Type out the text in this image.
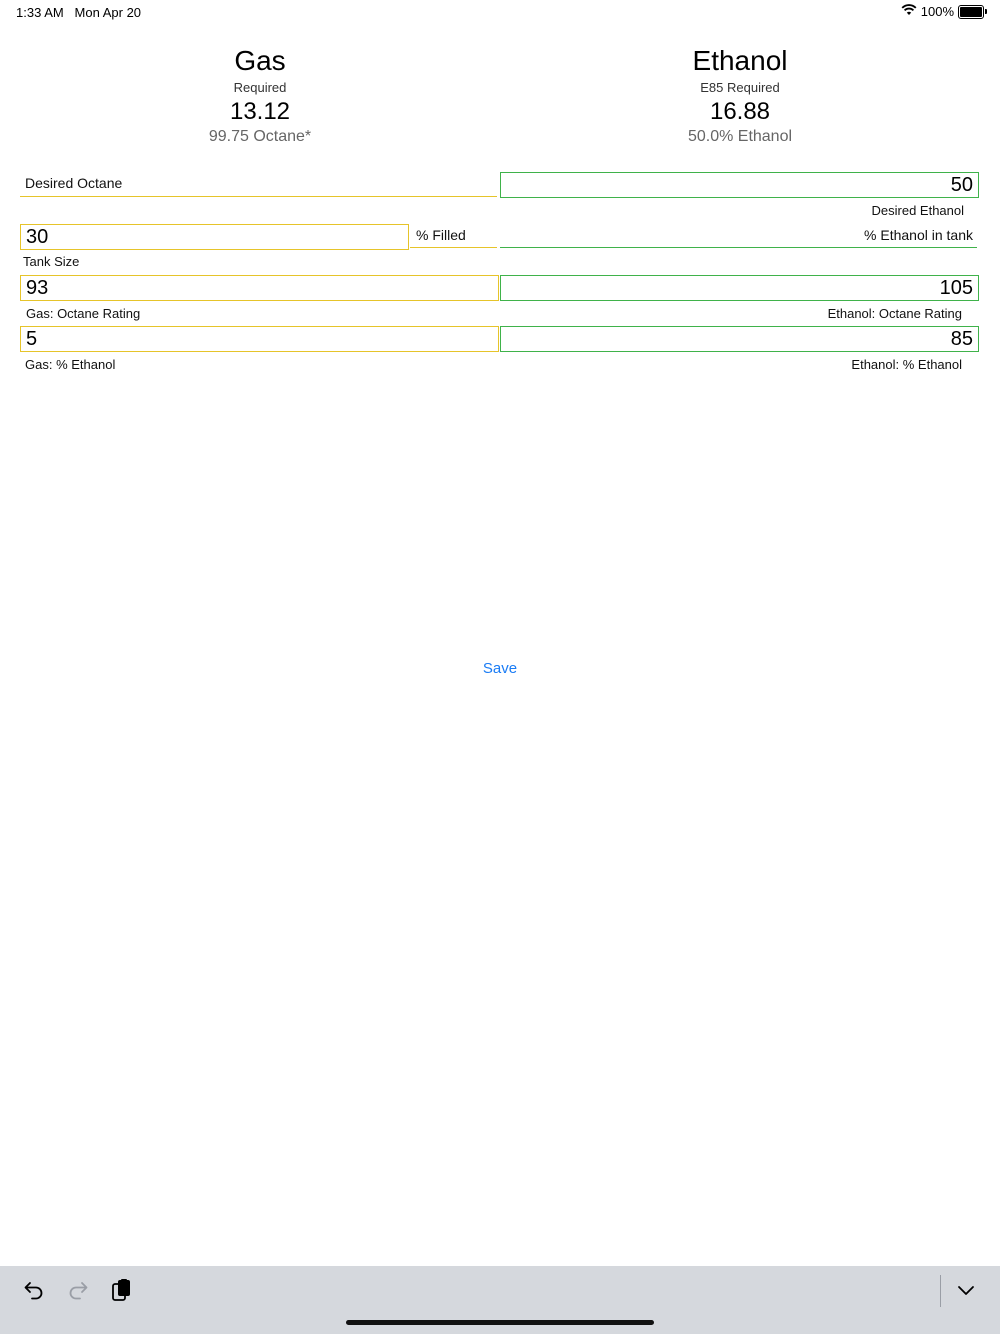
1:33 AM Mon Apr 20	100%
Gas
Required
13.12
99.75 Octane*
Ethanol
E85 Required
16.88
50.0% Ethanol
Desired Octane	50
Desired Ethanol
30	% Filled	% Ethanol in tank
Tank Size
93	105
Gas: Octane Rating	Ethanol: Octane Rating
5	85
Gas: % Ethanol	Ethanol: % Ethanol
Save
